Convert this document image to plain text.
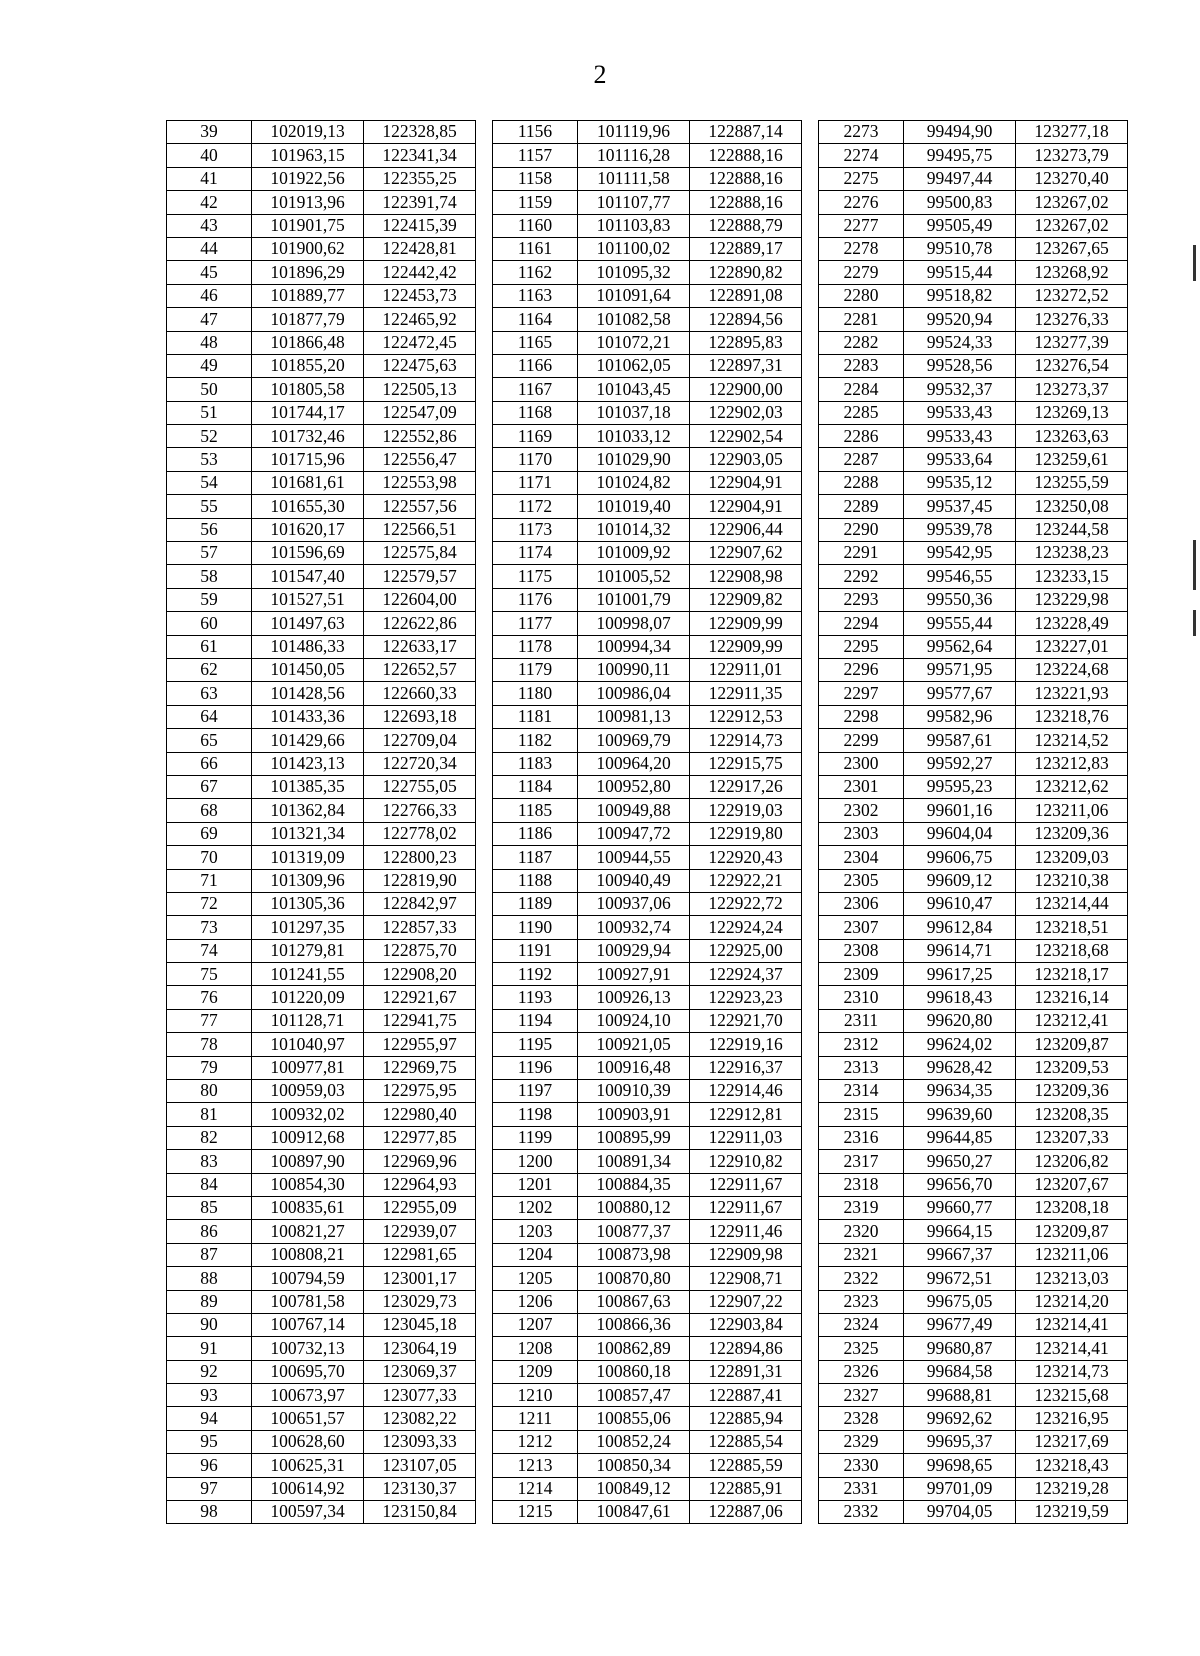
2
39	102019,13	122328,85		1156	101119,96	122887,14		2273	99494,90	123277,18
40	101963,15	122341,34		1157	101116,28	122888,16		2274	99495,75	123273,79
41	101922,56	122355,25		1158	101111,58	122888,16		2275	99497,44	123270,40
42	101913,96	122391,74		1159	101107,77	122888,16		2276	99500,83	123267,02
43	101901,75	122415,39		1160	101103,83	122888,79		2277	99505,49	123267,02
44	101900,62	122428,81		1161	101100,02	122889,17		2278	99510,78	123267,65
45	101896,29	122442,42		1162	101095,32	122890,82		2279	99515,44	123268,92
46	101889,77	122453,73		1163	101091,64	122891,08		2280	99518,82	123272,52
47	101877,79	122465,92		1164	101082,58	122894,56		2281	99520,94	123276,33
48	101866,48	122472,45		1165	101072,21	122895,83		2282	99524,33	123277,39
49	101855,20	122475,63		1166	101062,05	122897,31		2283	99528,56	123276,54
50	101805,58	122505,13		1167	101043,45	122900,00		2284	99532,37	123273,37
51	101744,17	122547,09		1168	101037,18	122902,03		2285	99533,43	123269,13
52	101732,46	122552,86		1169	101033,12	122902,54		2286	99533,43	123263,63
53	101715,96	122556,47		1170	101029,90	122903,05		2287	99533,64	123259,61
54	101681,61	122553,98		1171	101024,82	122904,91		2288	99535,12	123255,59
55	101655,30	122557,56		1172	101019,40	122904,91		2289	99537,45	123250,08
56	101620,17	122566,51		1173	101014,32	122906,44		2290	99539,78	123244,58
57	101596,69	122575,84		1174	101009,92	122907,62		2291	99542,95	123238,23
58	101547,40	122579,57		1175	101005,52	122908,98		2292	99546,55	123233,15
59	101527,51	122604,00		1176	101001,79	122909,82		2293	99550,36	123229,98
60	101497,63	122622,86		1177	100998,07	122909,99		2294	99555,44	123228,49
61	101486,33	122633,17		1178	100994,34	122909,99		2295	99562,64	123227,01
62	101450,05	122652,57		1179	100990,11	122911,01		2296	99571,95	123224,68
63	101428,56	122660,33		1180	100986,04	122911,35		2297	99577,67	123221,93
64	101433,36	122693,18		1181	100981,13	122912,53		2298	99582,96	123218,76
65	101429,66	122709,04		1182	100969,79	122914,73		2299	99587,61	123214,52
66	101423,13	122720,34		1183	100964,20	122915,75		2300	99592,27	123212,83
67	101385,35	122755,05		1184	100952,80	122917,26		2301	99595,23	123212,62
68	101362,84	122766,33		1185	100949,88	122919,03		2302	99601,16	123211,06
69	101321,34	122778,02		1186	100947,72	122919,80		2303	99604,04	123209,36
70	101319,09	122800,23		1187	100944,55	122920,43		2304	99606,75	123209,03
71	101309,96	122819,90		1188	100940,49	122922,21		2305	99609,12	123210,38
72	101305,36	122842,97		1189	100937,06	122922,72		2306	99610,47	123214,44
73	101297,35	122857,33		1190	100932,74	122924,24		2307	99612,84	123218,51
74	101279,81	122875,70		1191	100929,94	122925,00		2308	99614,71	123218,68
75	101241,55	122908,20		1192	100927,91	122924,37		2309	99617,25	123218,17
76	101220,09	122921,67		1193	100926,13	122923,23		2310	99618,43	123216,14
77	101128,71	122941,75		1194	100924,10	122921,70		2311	99620,80	123212,41
78	101040,97	122955,97		1195	100921,05	122919,16		2312	99624,02	123209,87
79	100977,81	122969,75		1196	100916,48	122916,37		2313	99628,42	123209,53
80	100959,03	122975,95		1197	100910,39	122914,46		2314	99634,35	123209,36
81	100932,02	122980,40		1198	100903,91	122912,81		2315	99639,60	123208,35
82	100912,68	122977,85		1199	100895,99	122911,03		2316	99644,85	123207,33
83	100897,90	122969,96		1200	100891,34	122910,82		2317	99650,27	123206,82
84	100854,30	122964,93		1201	100884,35	122911,67		2318	99656,70	123207,67
85	100835,61	122955,09		1202	100880,12	122911,67		2319	99660,77	123208,18
86	100821,27	122939,07		1203	100877,37	122911,46		2320	99664,15	123209,87
87	100808,21	122981,65		1204	100873,98	122909,98		2321	99667,37	123211,06
88	100794,59	123001,17		1205	100870,80	122908,71		2322	99672,51	123213,03
89	100781,58	123029,73		1206	100867,63	122907,22		2323	99675,05	123214,20
90	100767,14	123045,18		1207	100866,36	122903,84		2324	99677,49	123214,41
91	100732,13	123064,19		1208	100862,89	122894,86		2325	99680,87	123214,41
92	100695,70	123069,37		1209	100860,18	122891,31		2326	99684,58	123214,73
93	100673,97	123077,33		1210	100857,47	122887,41		2327	99688,81	123215,68
94	100651,57	123082,22		1211	100855,06	122885,94		2328	99692,62	123216,95
95	100628,60	123093,33		1212	100852,24	122885,54		2329	99695,37	123217,69
96	100625,31	123107,05		1213	100850,34	122885,59		2330	99698,65	123218,43
97	100614,92	123130,37		1214	100849,12	122885,91		2331	99701,09	123219,28
98	100597,34	123150,84		1215	100847,61	122887,06		2332	99704,05	123219,59
